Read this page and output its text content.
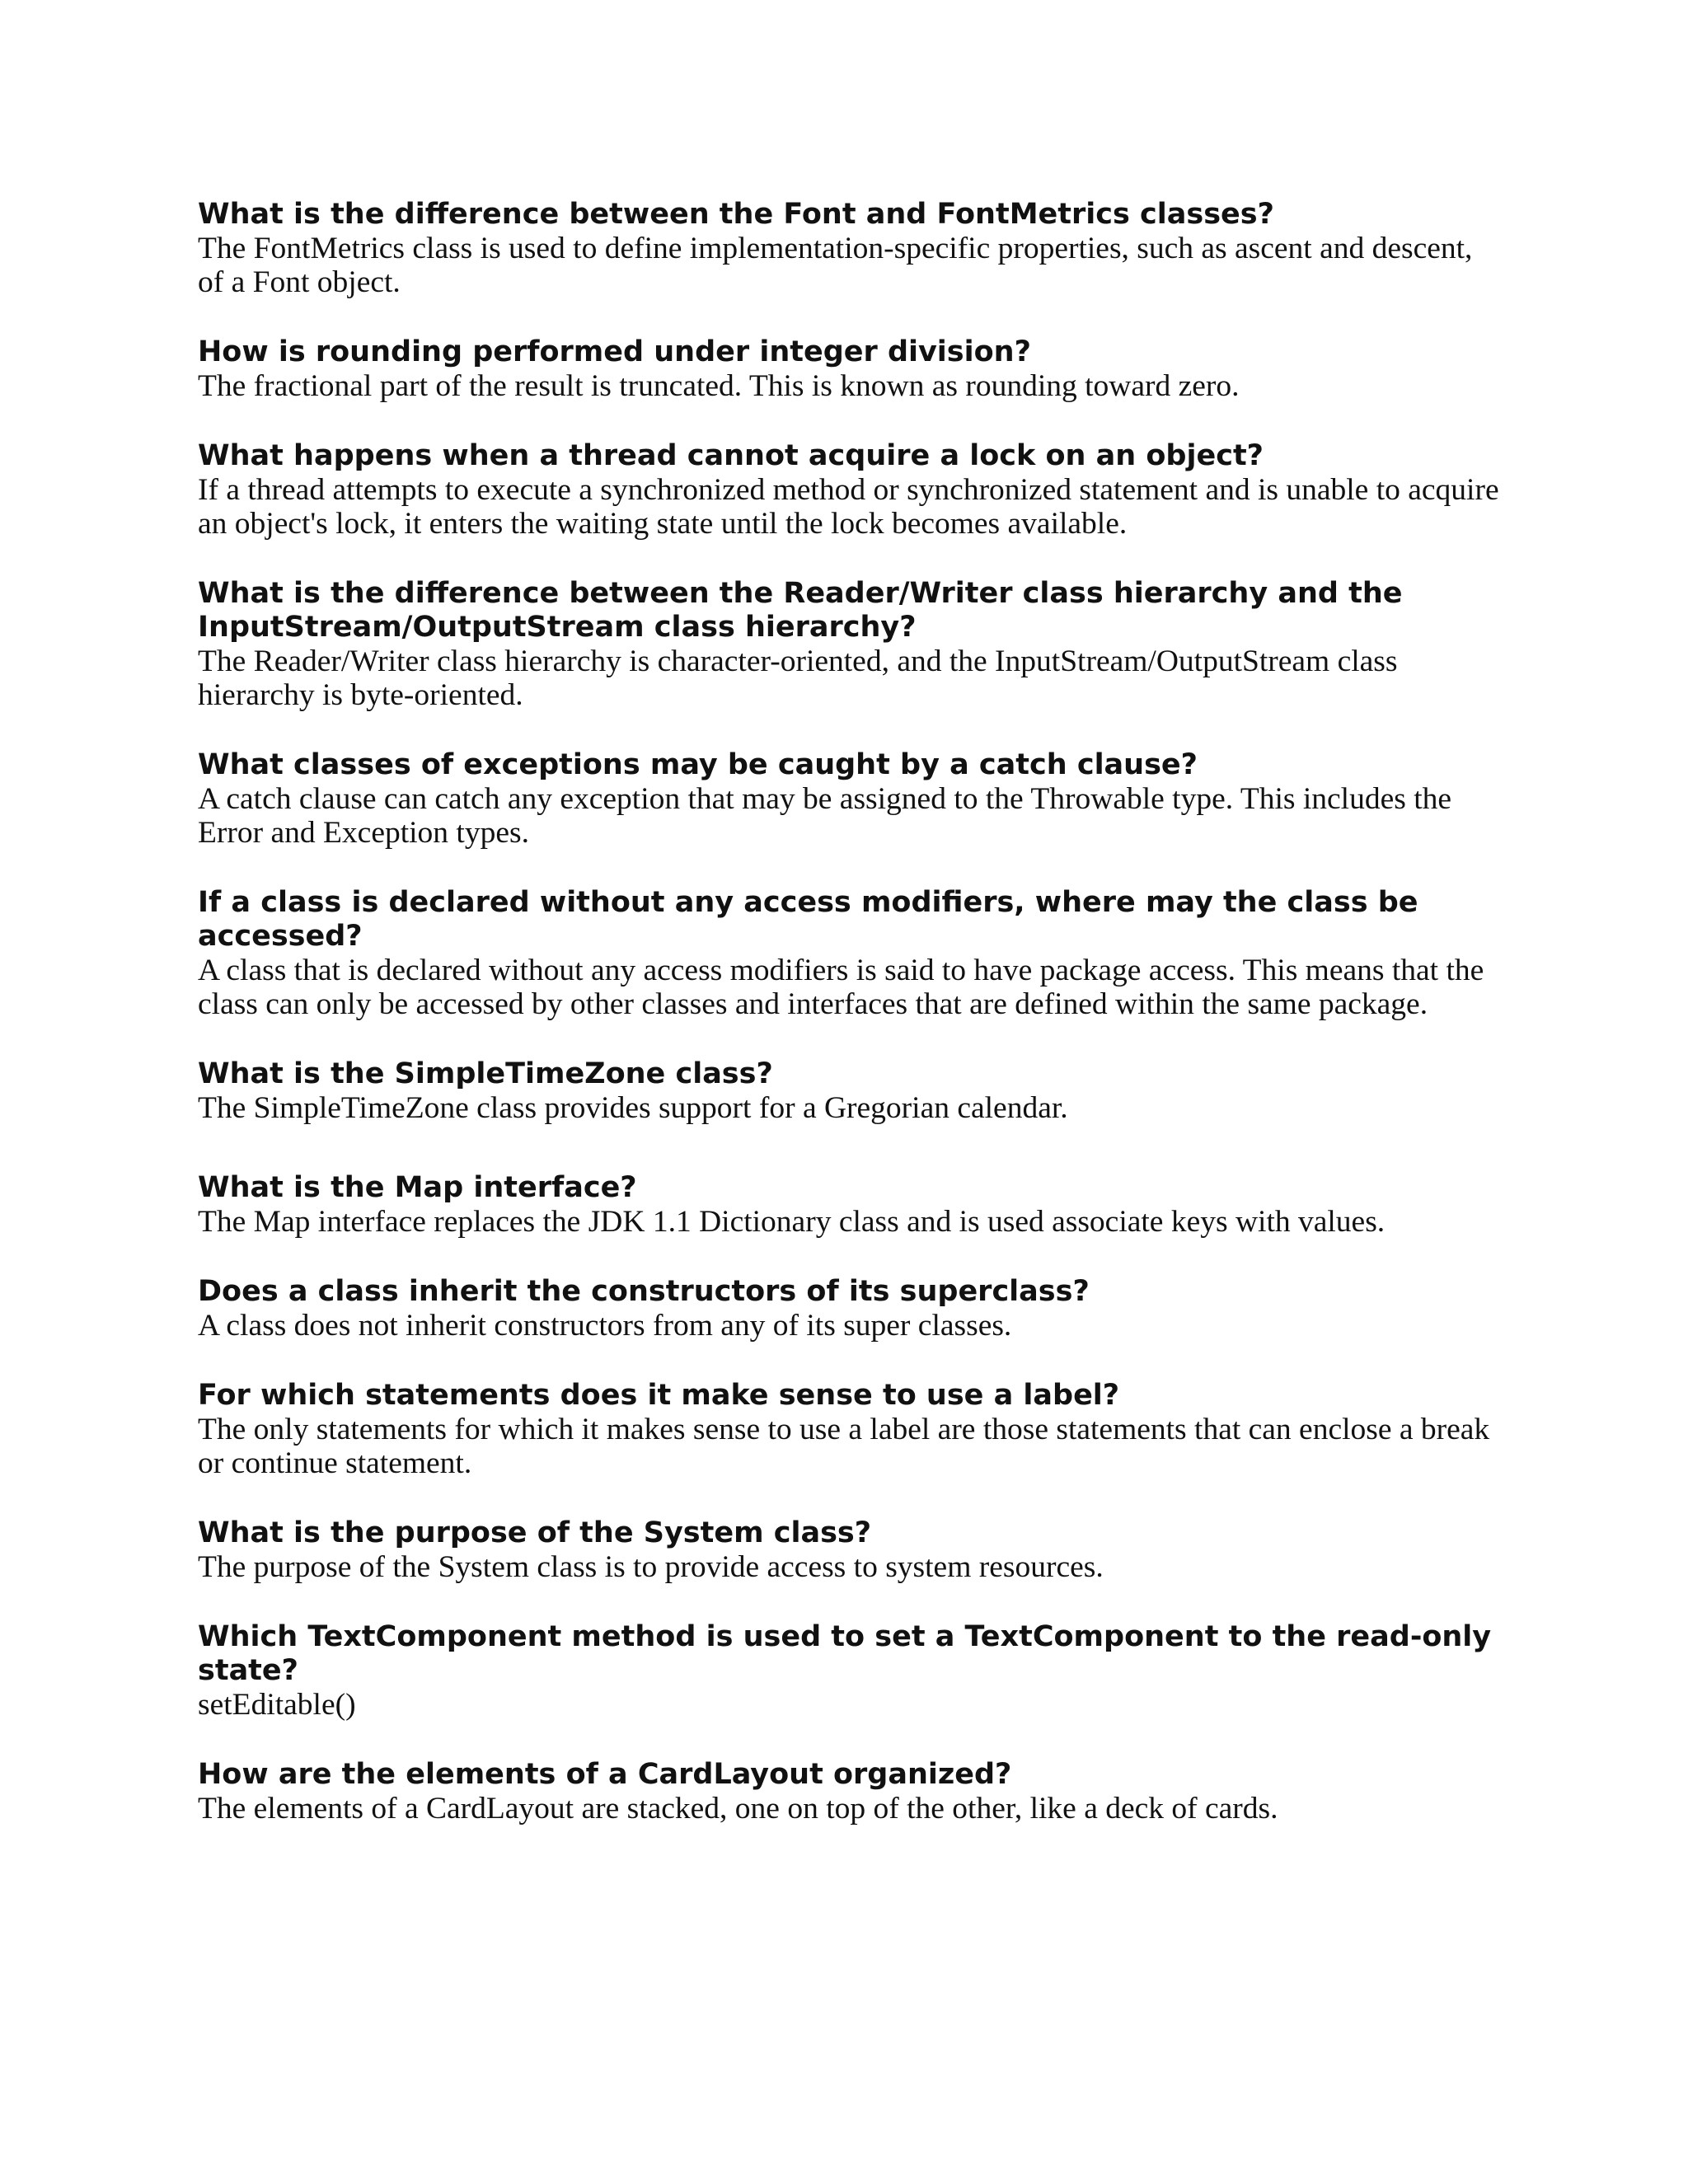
What is the difference between the Font and FontMetrics classes?

The FontMetrics class is used to define implementation-specific properties, such as ascent and descent, of a Font object.

How is rounding performed under integer division?

The fractional part of the result is truncated. This is known as rounding toward zero.

What happens when a thread cannot acquire a lock on an object?

If a thread attempts to execute a synchronized method or synchronized statement and is unable to acquire an object's lock, it enters the waiting state until the lock becomes available.

What is the difference between the Reader/Writer class hierarchy and the InputStream/OutputStream class hierarchy?

The Reader/Writer class hierarchy is character-oriented, and the InputStream/OutputStream class hierarchy is byte-oriented.

What classes of exceptions may be caught by a catch clause?

A catch clause can catch any exception that may be assigned to the Throwable type. This includes the Error and Exception types.

If a class is declared without any access modifiers, where may the class be accessed?

A class that is declared without any access modifiers is said to have package access. This means that the class can only be accessed by other classes and interfaces that are defined within the same package.

What is the SimpleTimeZone class?

The SimpleTimeZone class provides support for a Gregorian calendar.

What is the Map interface?

The Map interface replaces the JDK 1.1 Dictionary class and is used associate keys with values.

Does a class inherit the constructors of its superclass?

A class does not inherit constructors from any of its super classes.

For which statements does it make sense to use a label?

The only statements for which it makes sense to use a label are those statements that can enclose a break or continue statement.

What is the purpose of the System class?

The purpose of the System class is to provide access to system resources.

Which TextComponent method is used to set a TextComponent to the read-only state?

setEditable()

How are the elements of a CardLayout organized?

The elements of a CardLayout are stacked, one on top of the other, like a deck of cards.
